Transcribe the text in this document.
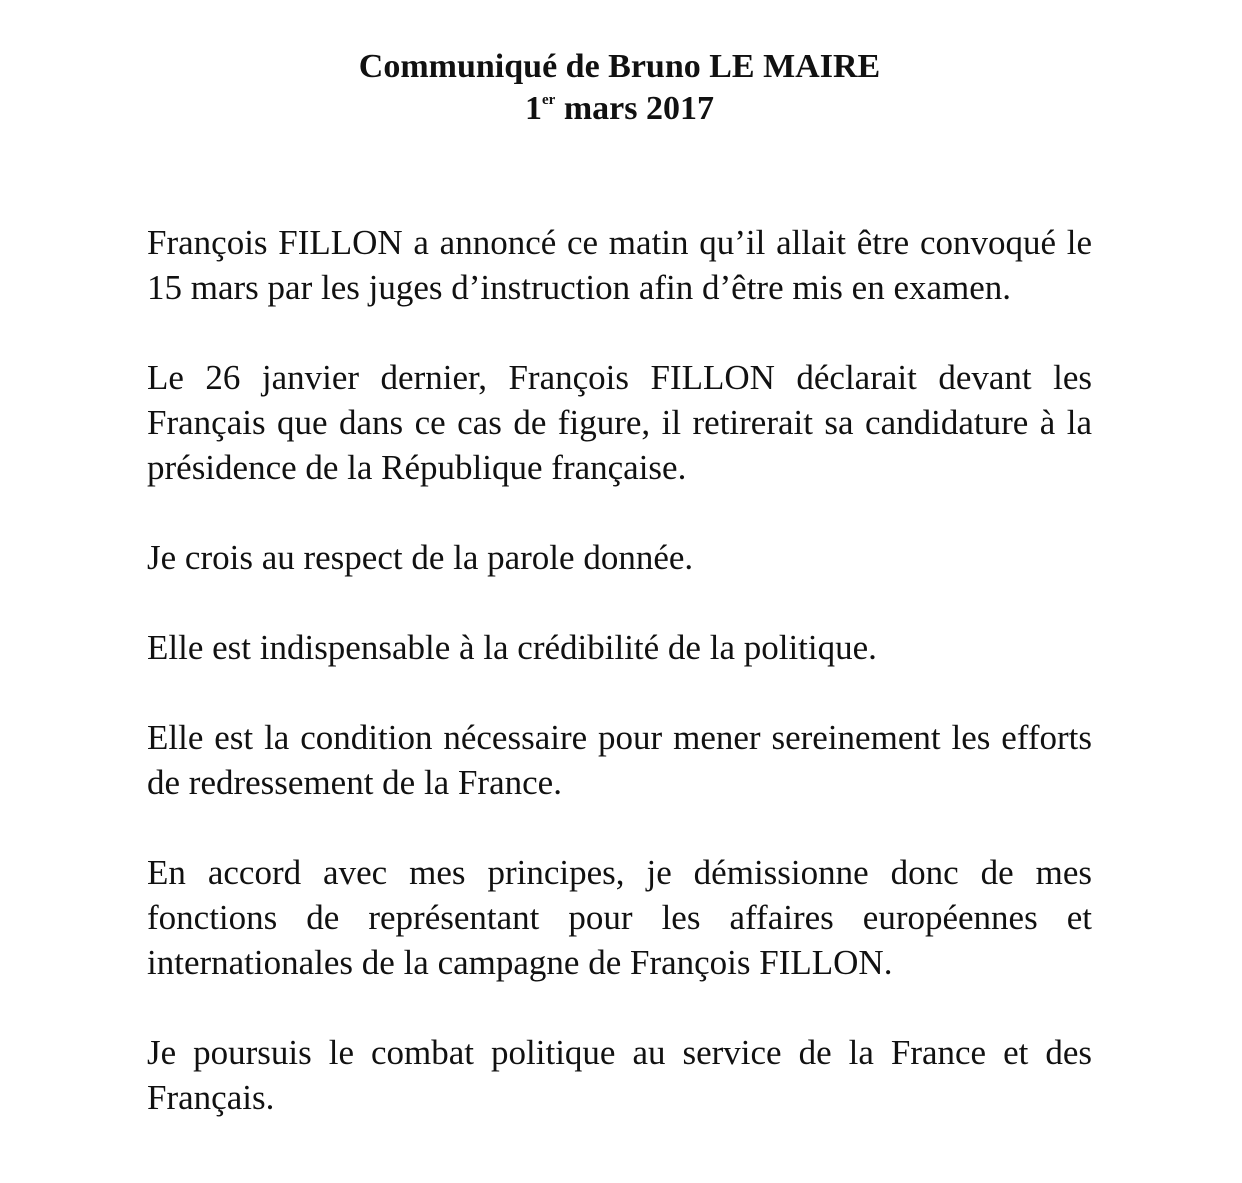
Communiqué de Bruno LE MAIRE
1er mars 2017

François FILLON a annoncé ce matin qu’il allait être convoqué le 15 mars par les juges d’instruction afin d’être mis en examen.

Le 26 janvier dernier, François FILLON déclarait devant les Français que dans ce cas de figure, il retirerait sa candidature à la présidence de la République française.

Je crois au respect de la parole donnée.

Elle est indispensable à la crédibilité de la politique.

Elle est la condition nécessaire pour mener sereinement les efforts de redressement de la France.

En accord avec mes principes, je démissionne donc de mes fonctions de représentant pour les affaires européennes et internationales de la campagne de François FILLON.

Je poursuis le combat politique au service de la France et des Français.
